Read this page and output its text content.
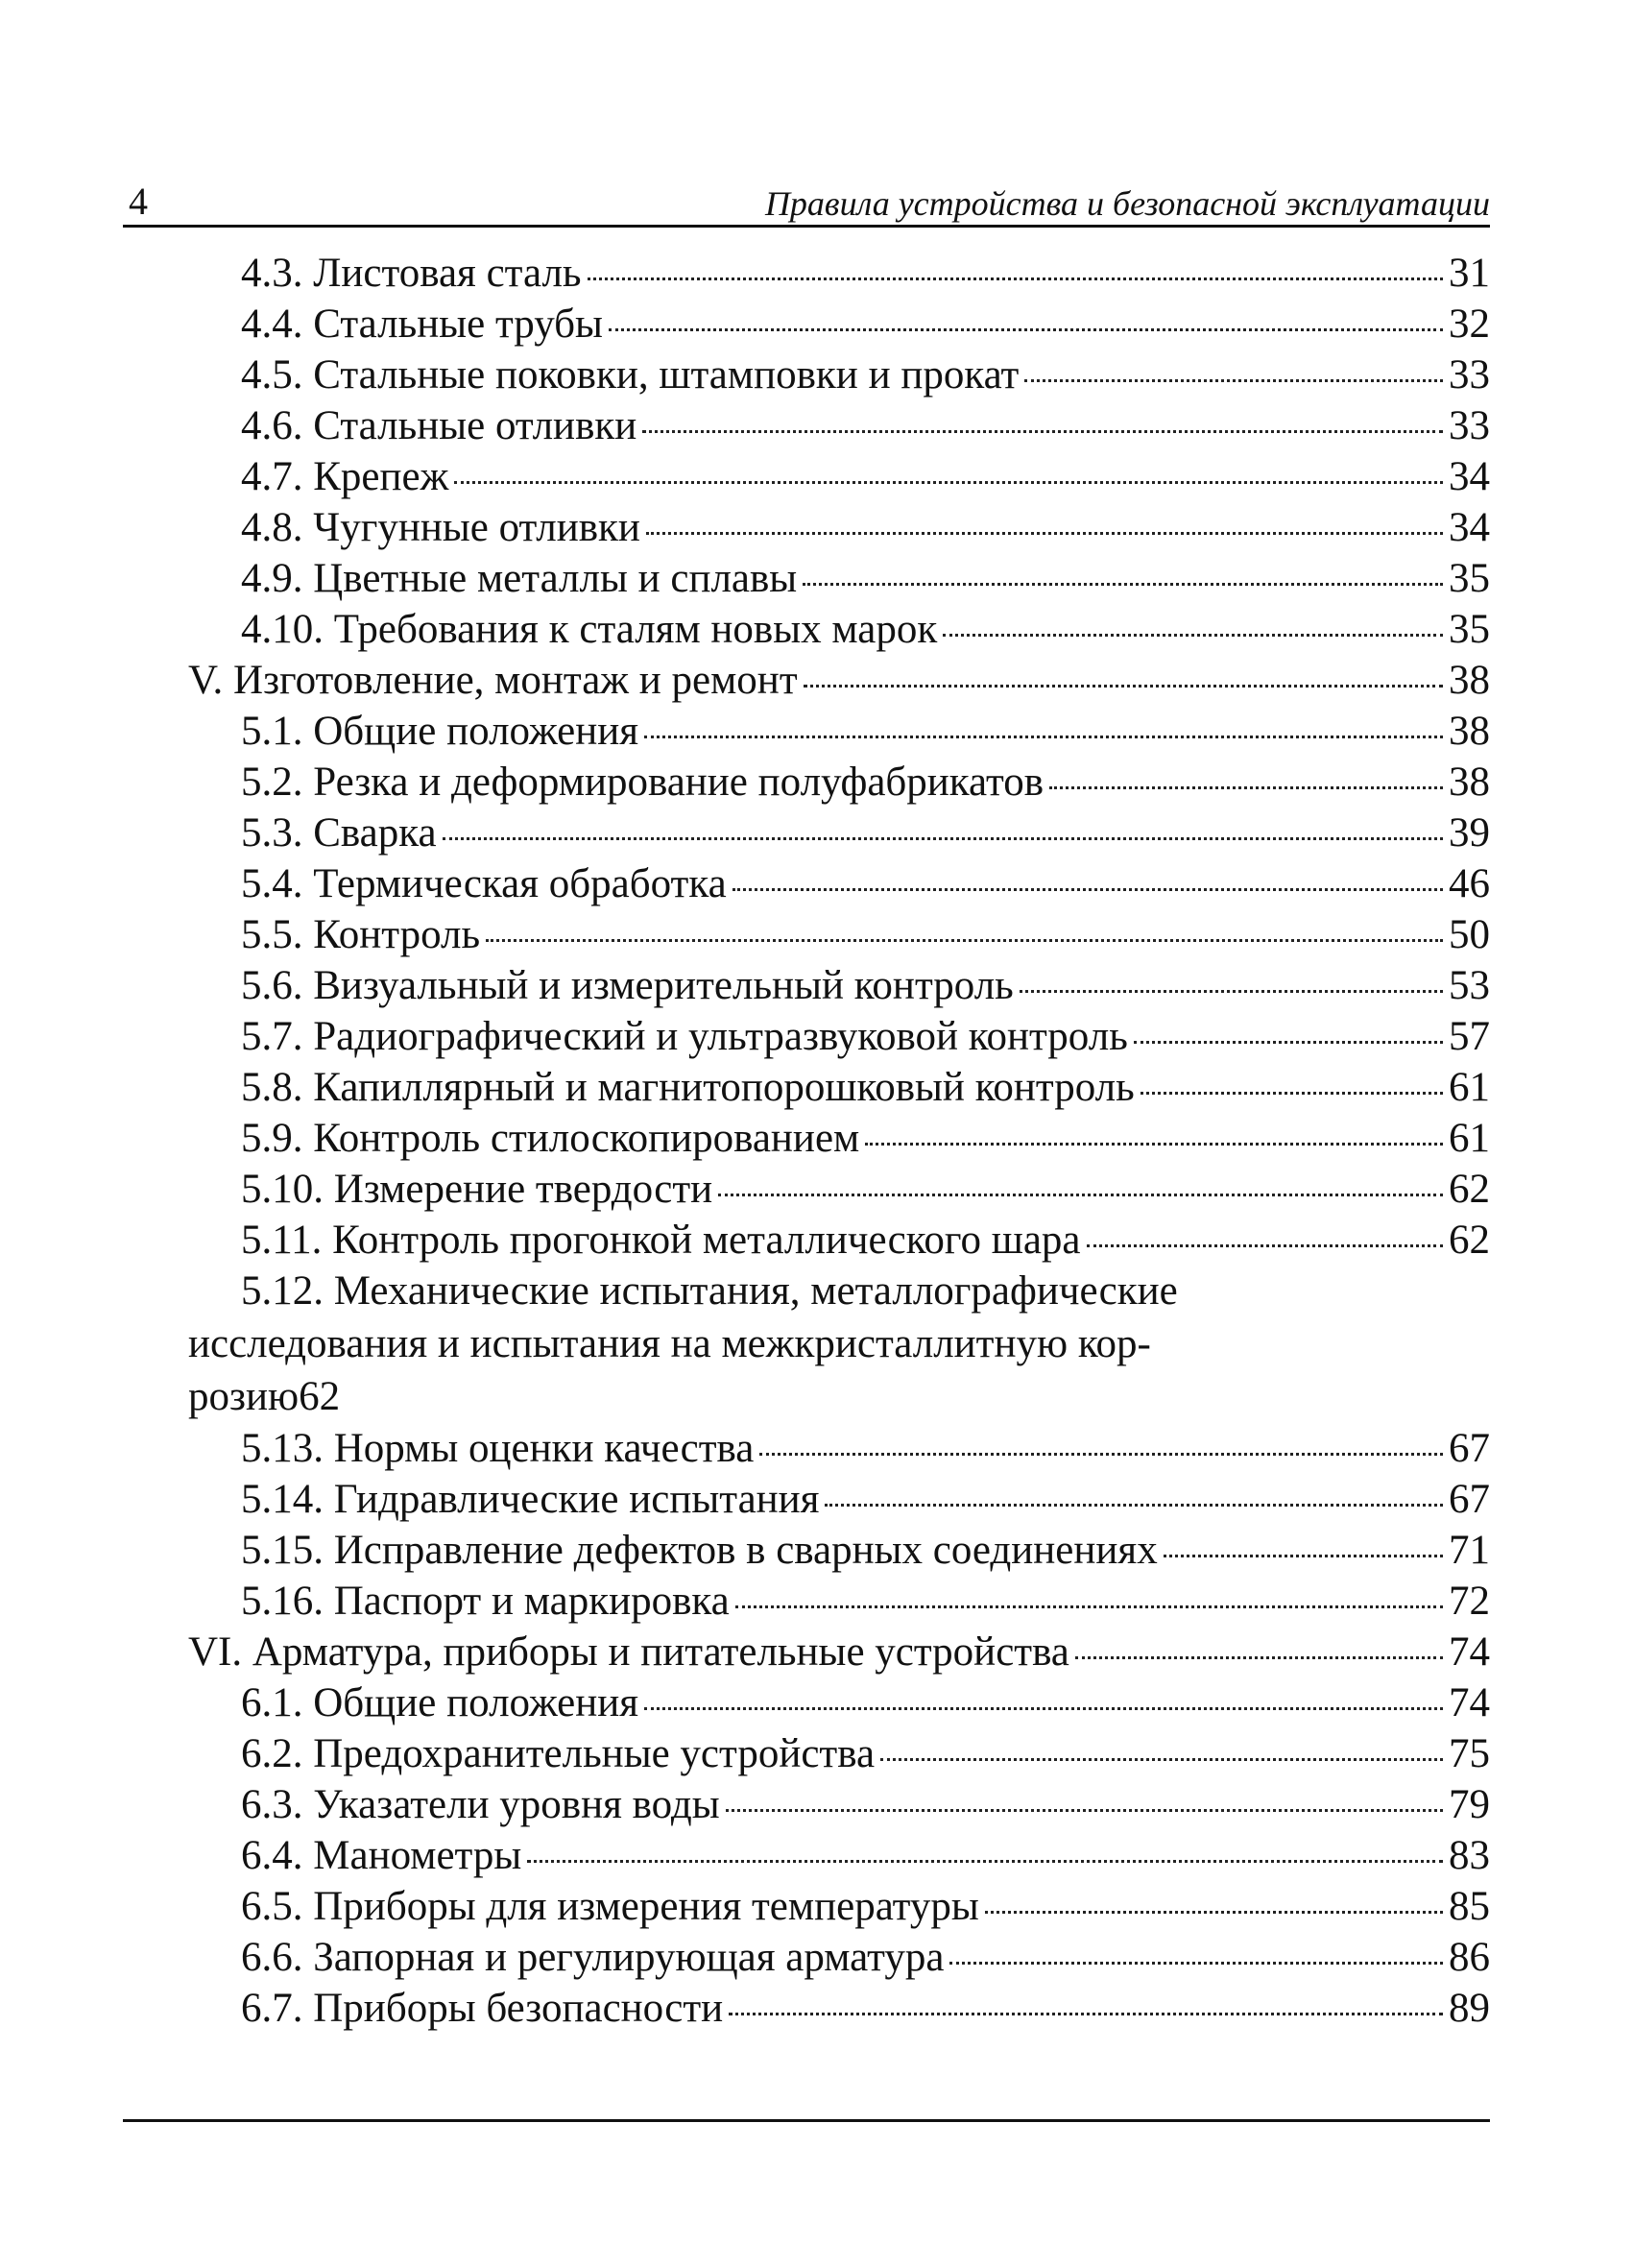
4	Правила устройства и безопасной эксплуатации
4.3. Листовая сталь	31
4.4. Стальные трубы	32
4.5. Стальные поковки, штамповки и прокат	33
4.6. Стальные отливки	33
4.7. Крепеж	34
4.8. Чугунные отливки	34
4.9. Цветные металлы и сплавы	35
4.10. Требования к сталям новых марок	35
V. Изготовление, монтаж и ремонт	38
5.1. Общие положения	38
5.2. Резка и деформирование полуфабрикатов	38
5.3. Сварка	39
5.4. Термическая обработка	46
5.5. Контроль	50
5.6. Визуальный и измерительный контроль	53
5.7. Радиографический и ультразвуковой контроль	57
5.8. Капиллярный и магнитопорошковый контроль	61
5.9. Контроль стилоскопированием	61
5.10. Измерение твердости	62
5.11. Контроль прогонкой металлического шара	62
5.12. Механические испытания, металлографические
исследования и испытания на межкристаллитную кор-
розию 62
5.13. Нормы оценки качества	67
5.14. Гидравлические испытания	67
5.15. Исправление дефектов в сварных соединениях	71
5.16. Паспорт и маркировка	72
VI. Арматура, приборы и питательные устройства	74
6.1. Общие положения	74
6.2. Предохранительные устройства	75
6.3. Указатели уровня воды	79
6.4. Манометры	83
6.5. Приборы для измерения температуры	85
6.6. Запорная и регулирующая арматура	86
6.7. Приборы безопасности	89
